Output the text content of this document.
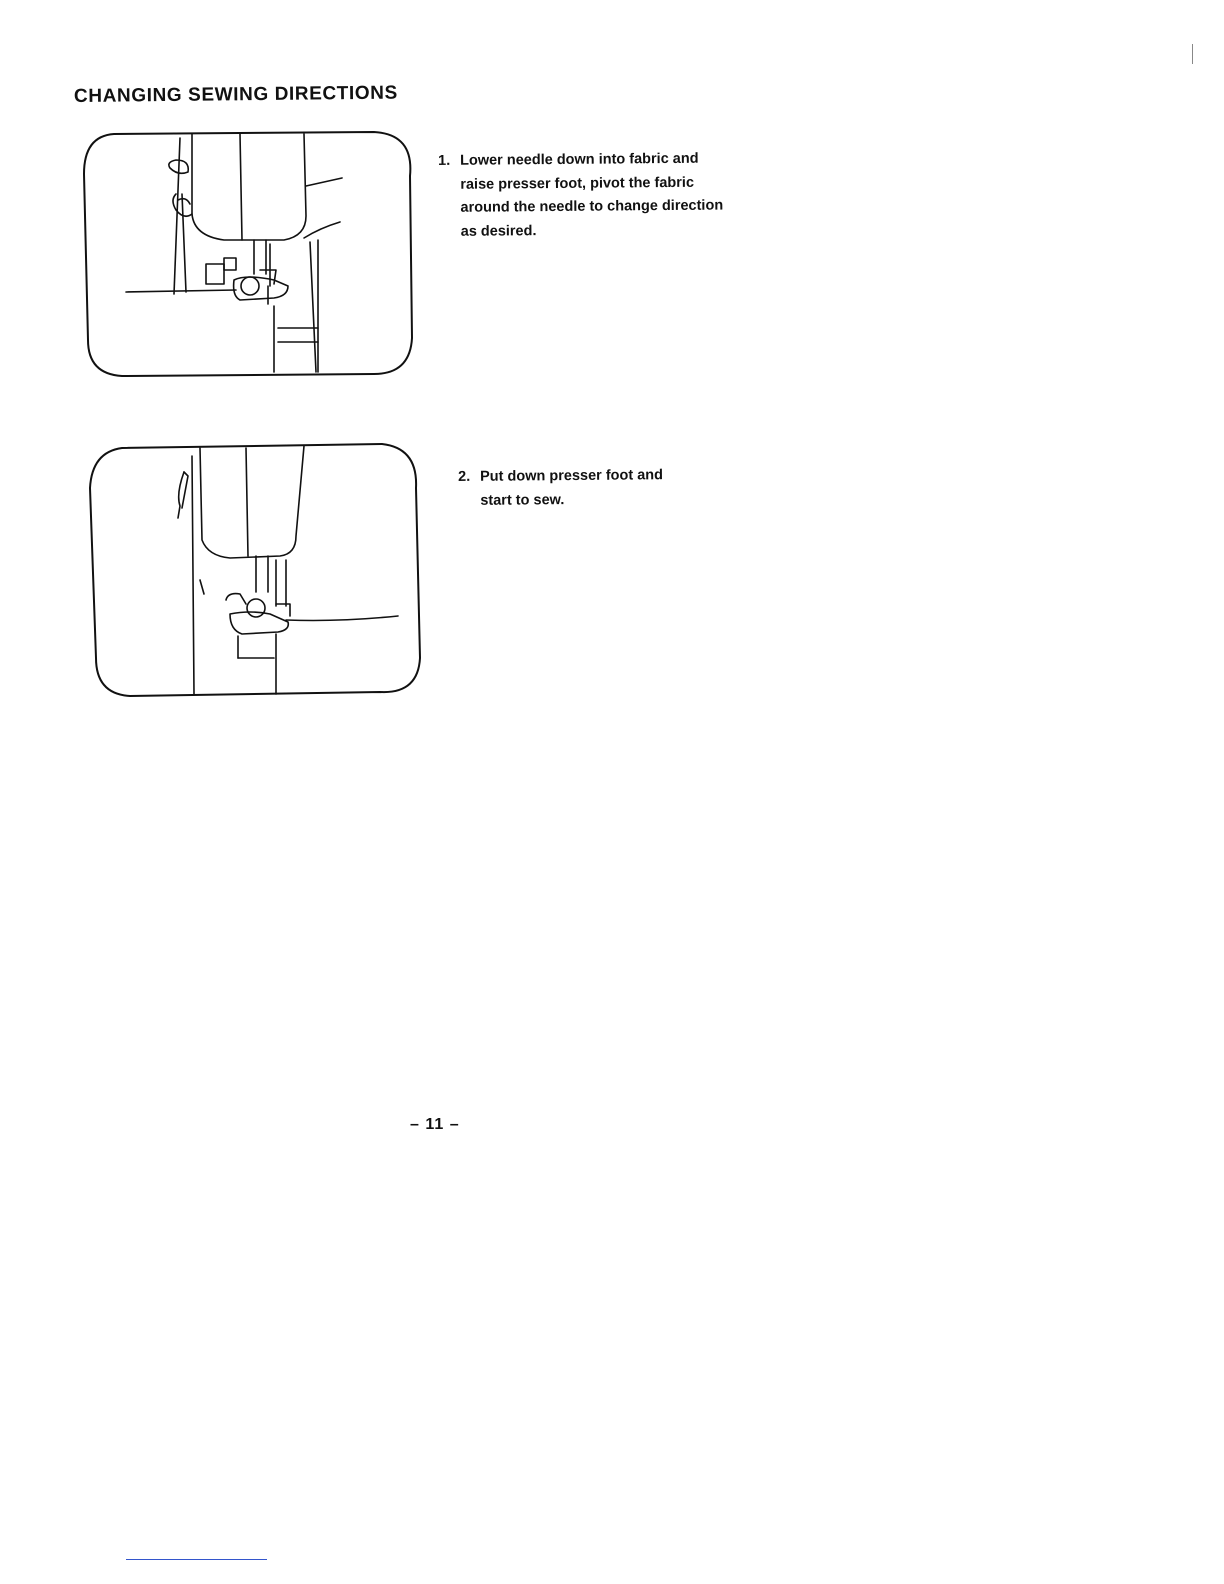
CHANGING SEWING DIRECTIONS
1. Lower needle down into fabric and
raise presser foot, pivot the fabric
around the needle to change direction
as desired.
2. Put down presser foot and
start to sew.
– 11 –
